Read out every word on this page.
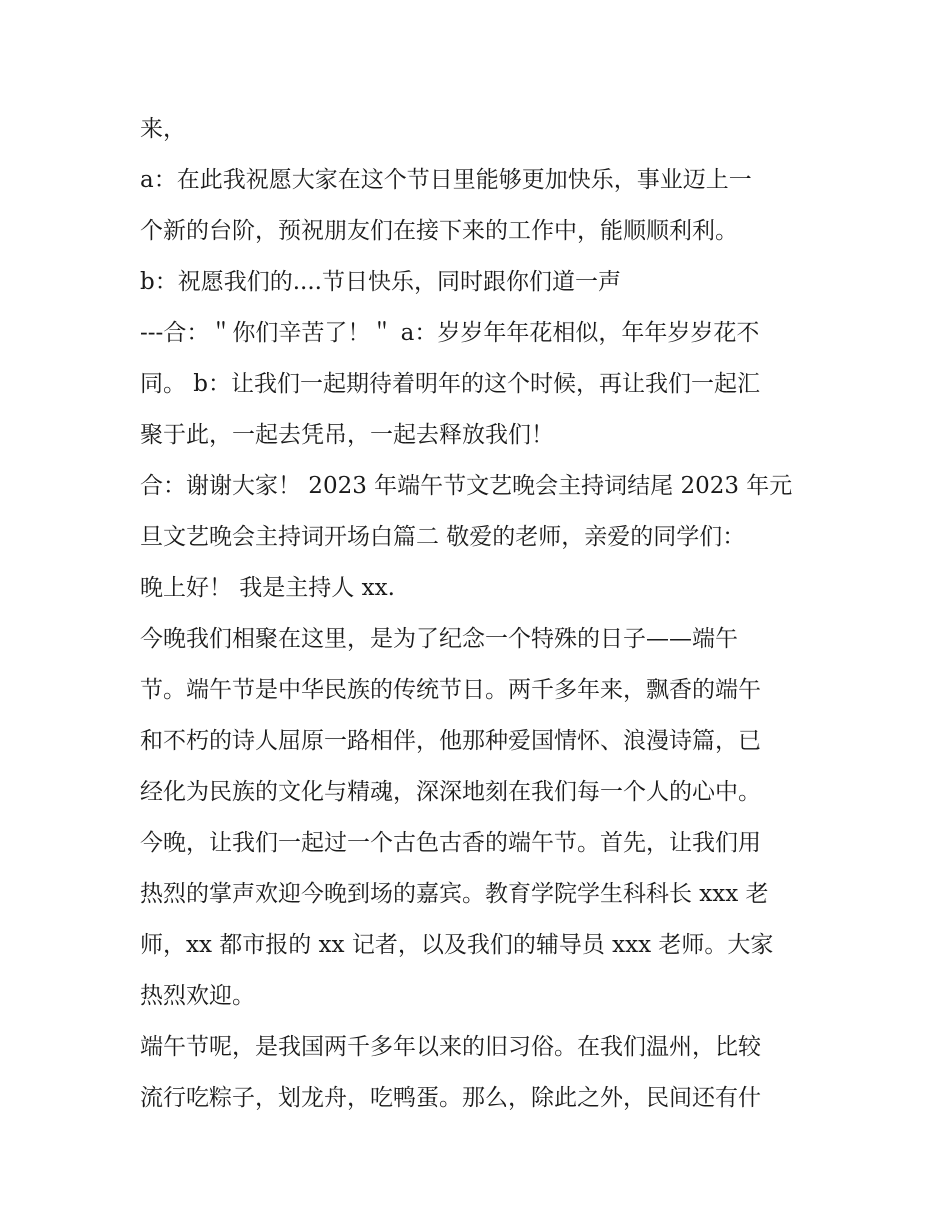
来，
a：在此我祝愿大家在这个节日里能够更加快乐，事业迈上一
个新的台阶，预祝朋友们在接下来的工作中，能顺顺利利。
b：祝愿我们的....节日快乐，同时跟你们道一声
---合：＂你们辛苦了！＂ a：岁岁年年花相似，年年岁岁花不
同。 b：让我们一起期待着明年的这个时候，再让我们一起汇
聚于此，一起去凭吊，一起去释放我们！
合：谢谢大家！ 2023 年端午节文艺晚会主持词结尾 2023 年元
旦文艺晚会主持词开场白篇二 敬爱的老师，亲爱的同学们：
晚上好！ 我是主持人 xx.
今晚我们相聚在这里，是为了纪念一个特殊的日子——端午
节。端午节是中华民族的传统节日。两千多年来，飘香的端午
和不朽的诗人屈原一路相伴，他那种爱国情怀、浪漫诗篇，已
经化为民族的文化与精魂，深深地刻在我们每一个人的心中。
今晚，让我们一起过一个古色古香的端午节。首先，让我们用
热烈的掌声欢迎今晚到场的嘉宾。教育学院学生科科长 xxx 老
师，xx 都市报的 xx 记者，以及我们的辅导员 xxx 老师。大家
热烈欢迎。
端午节呢，是我国两千多年以来的旧习俗。在我们温州，比较
流行吃粽子，划龙舟，吃鸭蛋。那么，除此之外，民间还有什
